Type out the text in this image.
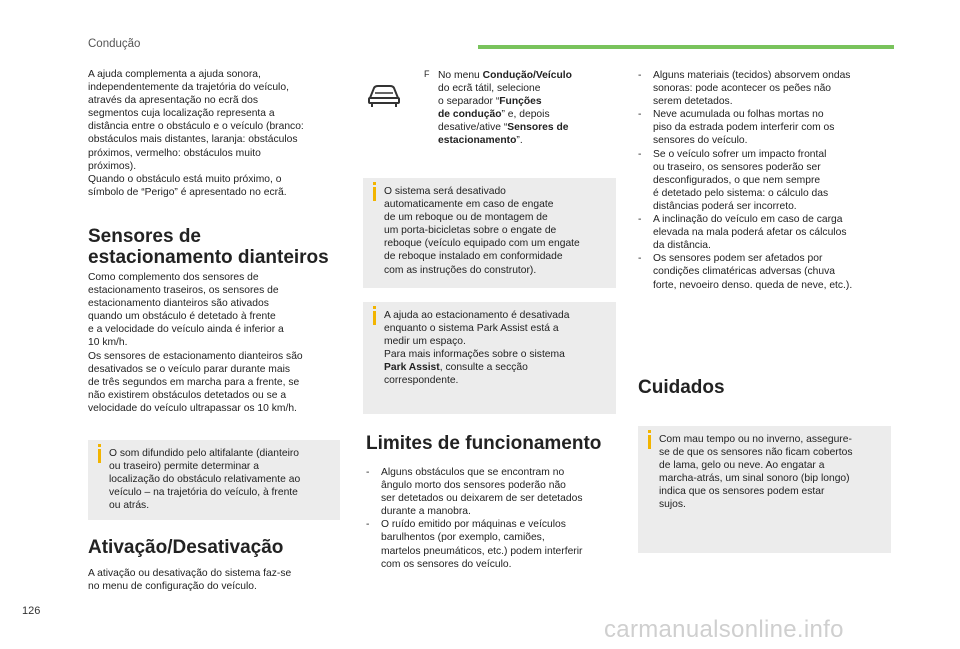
Condução

A ajuda complementa a ajuda sonora,
independentemente da trajetória do veículo,
através da apresentação no ecrã dos
segmentos cuja localização representa a
distância entre o obstáculo e o veículo (branco:
obstáculos mais distantes, laranja: obstáculos
próximos, vermelho: obstáculos muito
próximos).
Quando o obstáculo está muito próximo, o
símbolo de “Perigo” é apresentado no ecrã.

Sensores de
estacionamento dianteiros

Como complemento dos sensores de
estacionamento traseiros, os sensores de
estacionamento dianteiros são ativados
quando um obstáculo é detetado à frente
e a velocidade do veículo ainda é inferior a
10 km/h.
Os sensores de estacionamento dianteiros são
desativados se o veículo parar durante mais
de três segundos em marcha para a frente, se
não existirem obstáculos detetados ou se a
velocidade do veículo ultrapassar os 10 km/h.

O som difundido pelo altifalante (dianteiro
ou traseiro) permite determinar a
localização do obstáculo relativamente ao
veículo – na trajetória do veículo, à frente
ou atrás.

Ativação/Desativação

A ativação ou desativação do sistema faz-se
no menu de configuração do veículo.

F No menu Condução/Veículo
do ecrã tátil, selecione
o separador “Funções
de condução” e, depois
desative/ative “Sensores de
estacionamento”.

O sistema será desativado
automaticamente em caso de engate
de um reboque ou de montagem de
um porta-bicicletas sobre o engate de
reboque (veículo equipado com um engate
de reboque instalado em conformidade
com as instruções do construtor).

A ajuda ao estacionamento é desativada
enquanto o sistema Park Assist está a
medir um espaço.
Para mais informações sobre o sistema
Park Assist, consulte a secção
correspondente.

Limites de funcionamento
- Alguns obstáculos que se encontram no
ângulo morto dos sensores poderão não
ser detetados ou deixarem de ser detetados
durante a manobra.
- O ruído emitido por máquinas e veículos
barulhentos (por exemplo, camiões,
martelos pneumáticos, etc.) podem interferir
com os sensores do veículo.
- Alguns materiais (tecidos) absorvem ondas
sonoras: pode acontecer os peões não
serem detetados.
- Neve acumulada ou folhas mortas no
piso da estrada podem interferir com os
sensores do veículo.
- Se o veículo sofrer um impacto frontal
ou traseiro, os sensores poderão ser
desconfigurados, o que nem sempre
é detetado pelo sistema: o cálculo das
distâncias poderá ser incorreto.
- A inclinação do veículo em caso de carga
elevada na mala poderá afetar os cálculos
da distância.
- Os sensores podem ser afetados por
condições climatéricas adversas (chuva
forte, nevoeiro denso. queda de neve, etc.).
Cuidados

Com mau tempo ou no inverno, assegure-
se de que os sensores não ficam cobertos
de lama, gelo ou neve. Ao engatar a
marcha-atrás, um sinal sonoro (bip longo)
indica que os sensores podem estar
sujos.

126
carmanualsonline.info
